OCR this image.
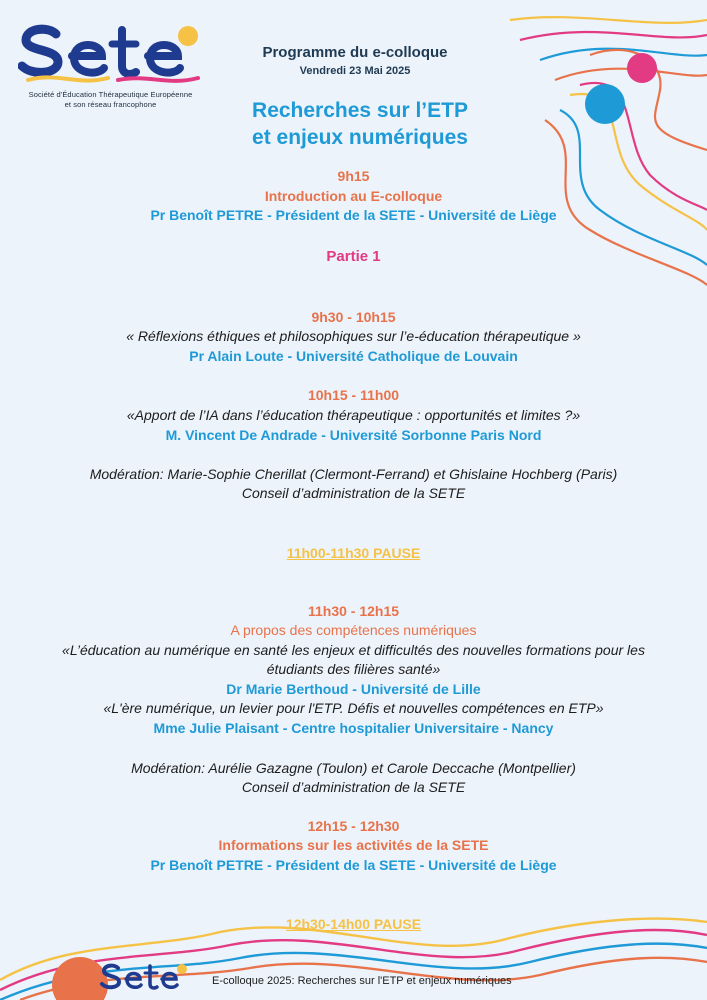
Société d'Éducation Thérapeutique Européenne
et son réseau francophone
Programme du e-colloque
Vendredi 23 Mai 2025
Recherches sur l’ETP
et enjeux numériques
9h15
Introduction au E-colloque
Pr Benoît PETRE - Président de la SETE - Université de Liège
Partie 1
9h30 - 10h15
« Réflexions éthiques et philosophiques sur l’e-éducation thérapeutique »
Pr Alain Loute - Université Catholique de Louvain
10h15 - 11h00
«Apport de l’IA dans l’éducation thérapeutique : opportunités et limites ?»
M. Vincent De Andrade - Université Sorbonne Paris Nord
Modération: Marie-Sophie Cherillat (Clermont-Ferrand) et Ghislaine Hochberg (Paris)
Conseil d’administration de la SETE
11h00-11h30 PAUSE
11h30 - 12h15
A propos des compétences numériques
«L’éducation au numérique en santé les enjeux et difficultés des nouvelles formations pour les
étudiants des filières santé»
Dr Marie Berthoud - Université de Lille
«L'ère numérique, un levier pour l'ETP. Défis et nouvelles compétences en ETP»
Mme Julie Plaisant - Centre hospitalier Universitaire - Nancy
Modération: Aurélie Gazagne (Toulon) et Carole Deccache (Montpellier)
Conseil d’administration de la SETE
12h15 - 12h30
Informations sur les activités de la SETE
Pr Benoît PETRE - Président de la SETE - Université de Liège
12h30-14h00 PAUSE
E-colloque 2025: Recherches sur l'ETP et enjeux numériques
